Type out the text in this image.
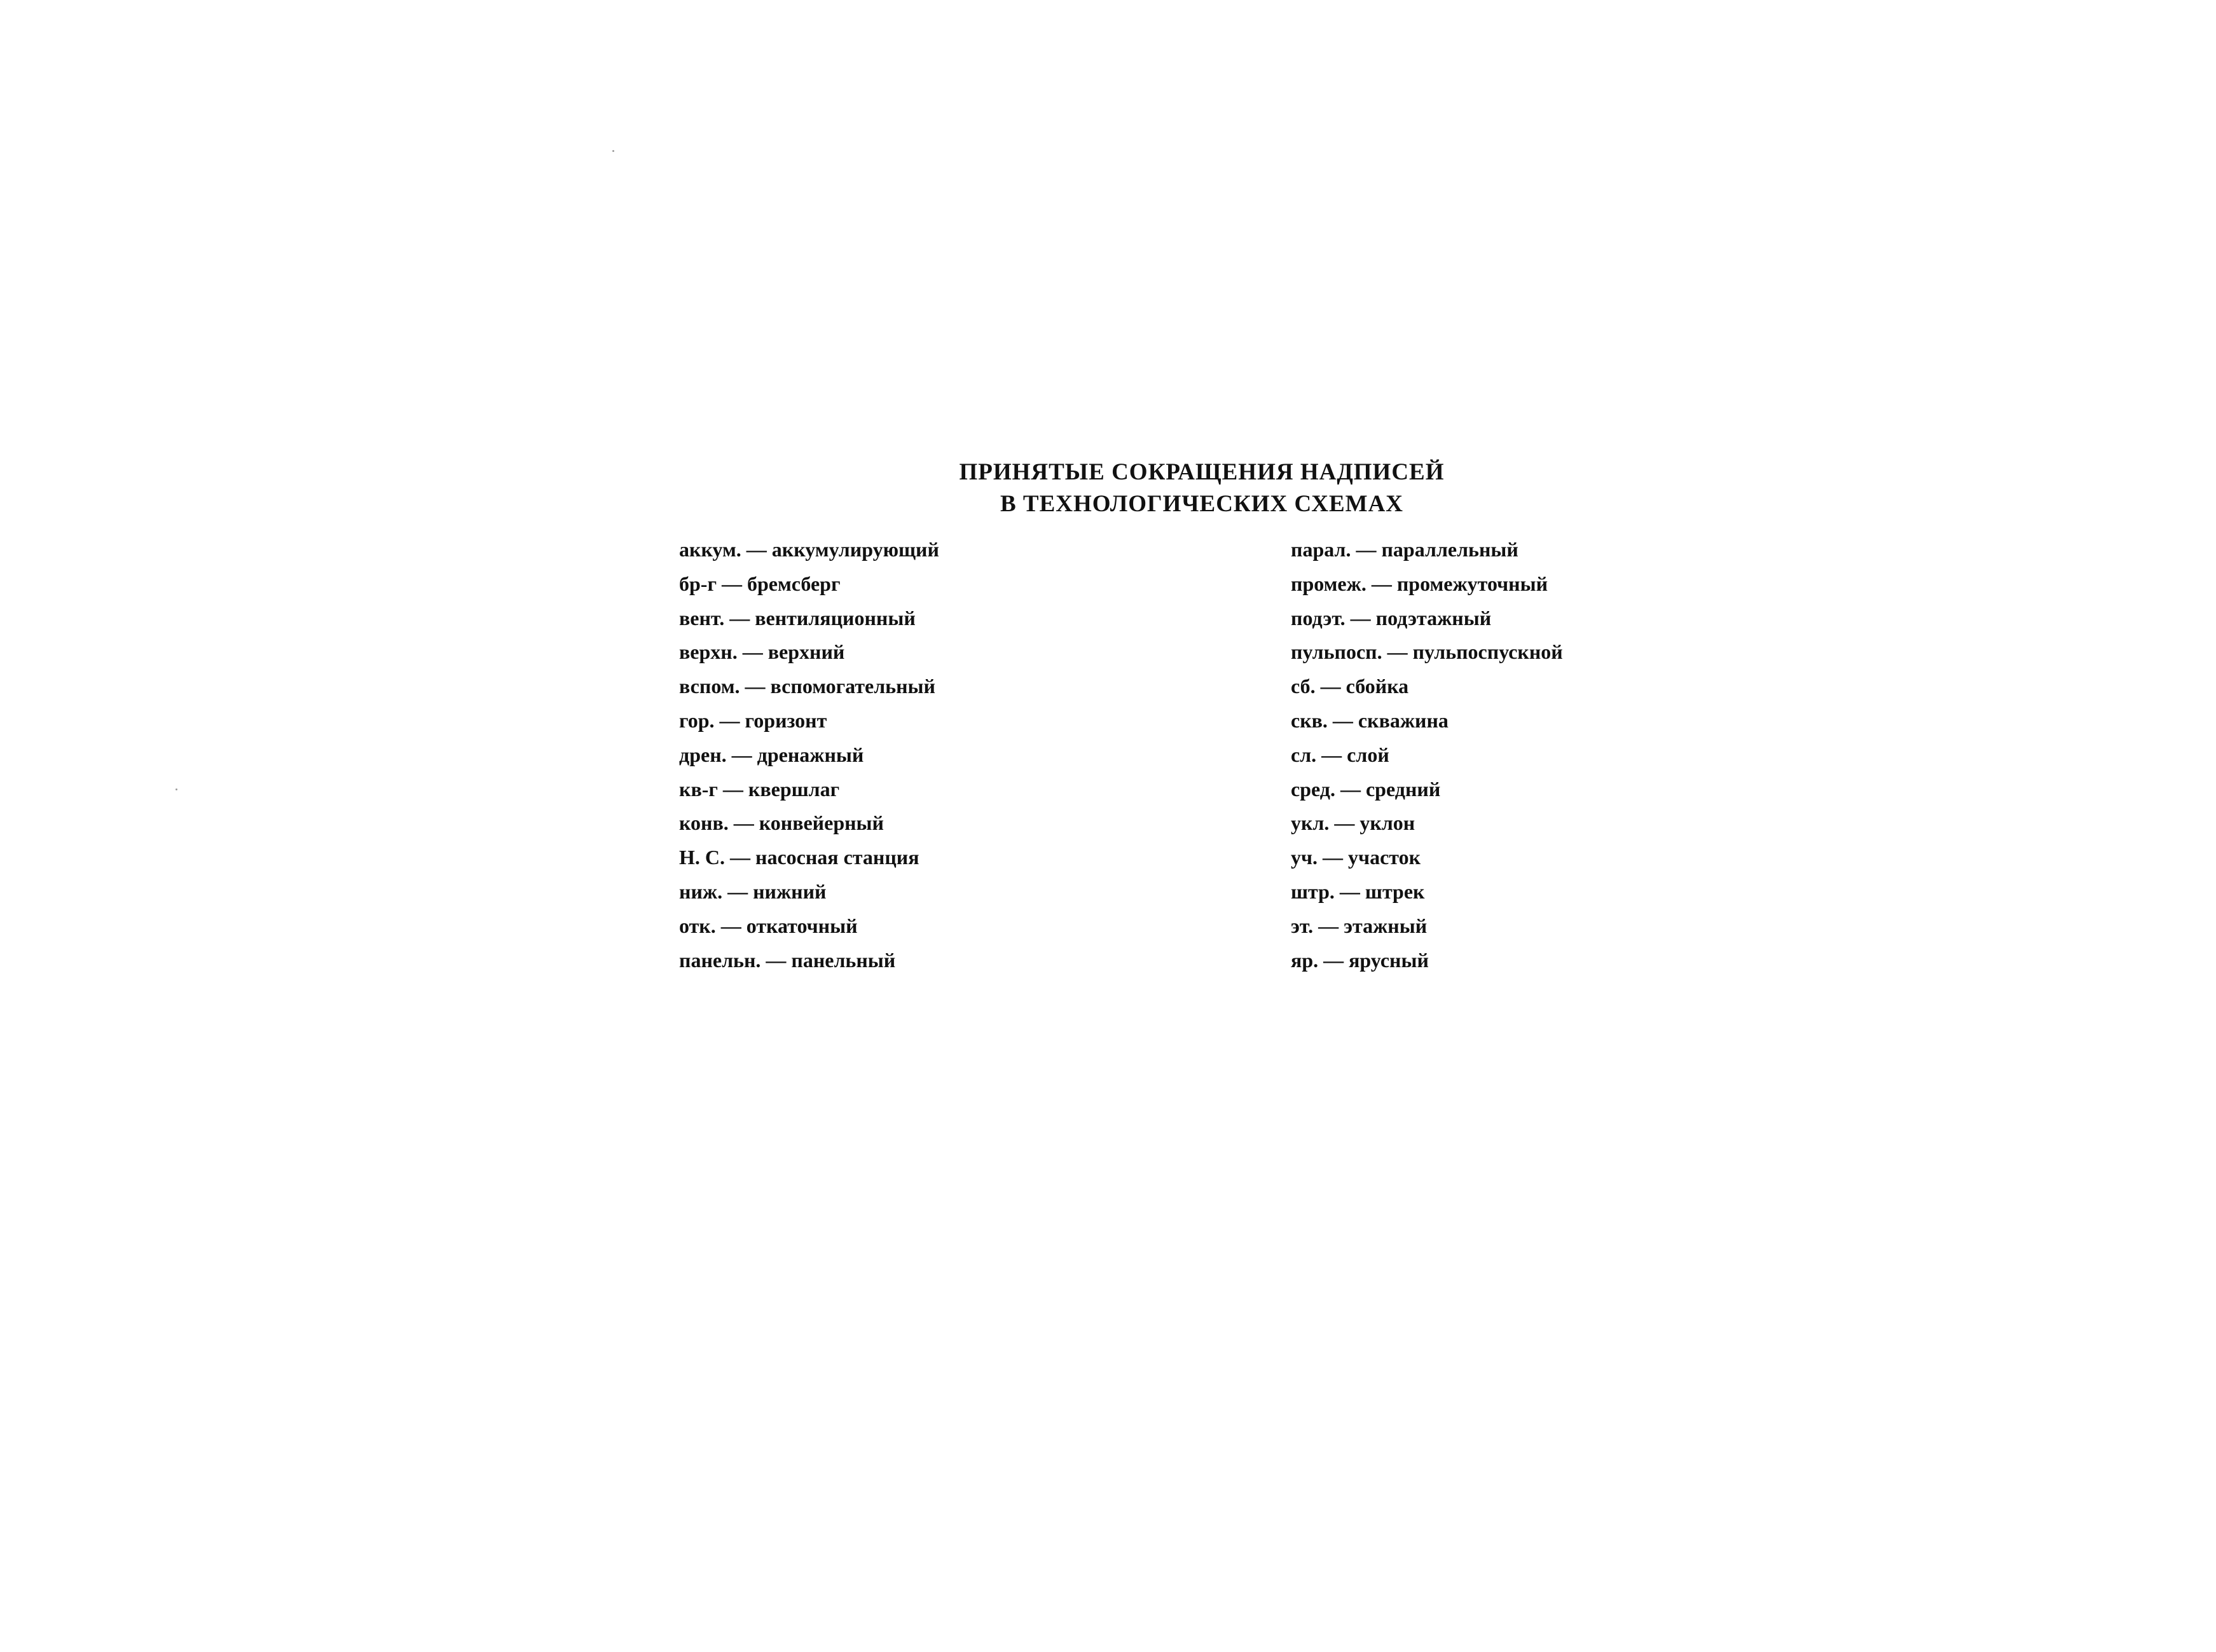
ПРИНЯТЫЕ СОКРАЩЕНИЯ НАДПИСЕЙ
В ТЕХНОЛОГИЧЕСКИХ СХЕМАХ
аккум. — аккумулирующий
бр-г — бремсберг
вент. — вентиляционный
верхн. — верхний
вспом. — вспомогательный
гор. — горизонт
дрен. — дренажный
кв-г — квершлаг
конв. — конвейерный
Н. С. — насосная станция
ниж. — нижний
отк. — откаточный
панельн. — панельный
парал. — параллельный
промеж. — промежуточный
подэт. — подэтажный
пульпосп. — пульпоспускной
сб. — сбойка
скв. — скважина
сл. — слой
сред. — средний
укл. — уклон
уч. — участок
штр. — штрек
эт. — этажный
яр. — ярусный
